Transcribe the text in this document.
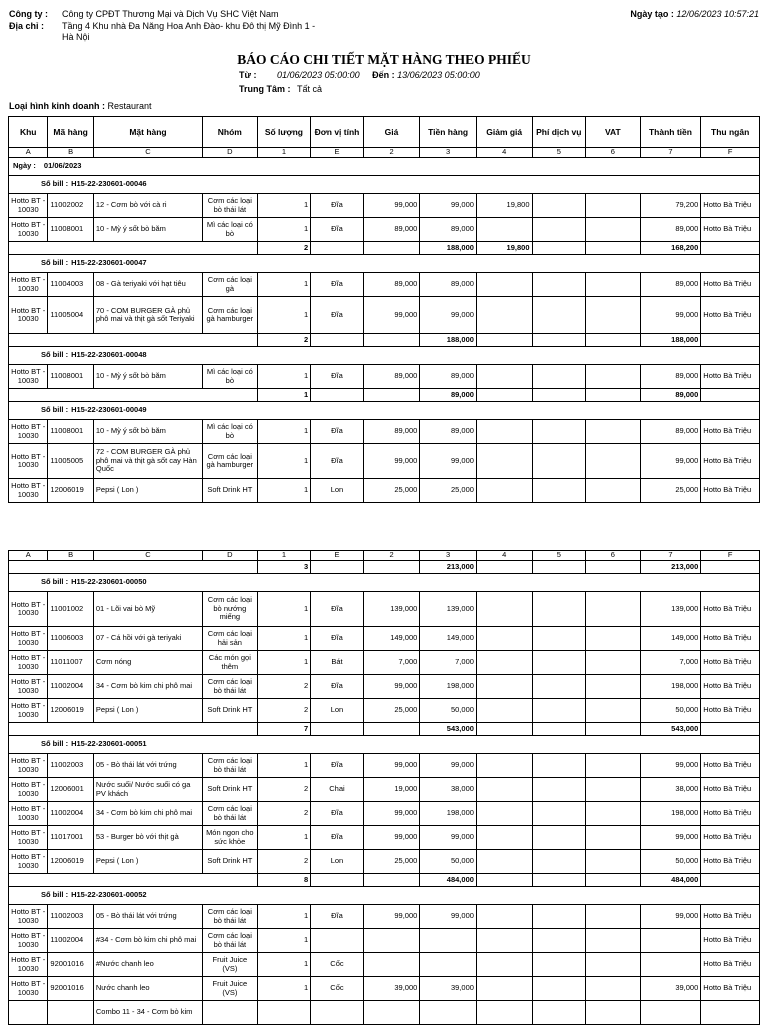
Công ty : Công ty CPĐT Thương Mại và Dịch Vụ SHC Việt Nam
Địa chỉ : Tầng 4 Khu nhà Đa Năng Hoa Anh Đào- khu Đô thị Mỹ Đình 1 -
Hà Nội
Ngày tạo : 12/06/2023 10:57:21
BÁO CÁO CHI TIẾT MẶT HÀNG THEO PHIẾU
Từ : 01/06/2023 05:00:00 Đến : 13/06/2023 05:00:00
Trung Tâm : Tất cả
Loại hình kinh doanh : Restaurant
Khu	Mã hàng	Mặt hàng	Nhóm	Số lượng	Đơn vị tính	Giá	Tiền hàng	Giảm giá	Phí dịch vụ	VAT	Thành tiền	Thu ngân
A	B	C	D	1	E	2	3	4	5	6	7	F
Ngày : 01/06/2023												
Số bill : H15-22-230601-00046												
Hotto BT - 10030	11002002	12 - Cơm bò với cà ri	Cơm các loại bò thái lát	1	Đĩa	99,000	99,000	19,800			79,200	Hotto Bà Triệu
Hotto BT - 10030	11008001	10 - Mỳ ý sốt bò băm	Mì các loại có bò	1	Đĩa	89,000	89,000				89,000	Hotto Bà Triệu
				2			188,000	19,800			168,200	
Số bill : H15-22-230601-00047												
Hotto BT - 10030	11004003	08 - Gà teriyaki với hạt tiêu	Cơm các loại gà	1	Đĩa	89,000	89,000				89,000	Hotto Bà Triệu
Hotto BT - 10030	11005004	70 - COM BURGER GÀ phủ phô mai và thịt gà sốt Teriyaki	Cơm các loại gà hamburger	1	Đĩa	99,000	99,000				99,000	Hotto Bà Triệu
				2			188,000				188,000	
Số bill : H15-22-230601-00048												
Hotto BT - 10030	11008001	10 - Mỳ ý sốt bò băm	Mì các loại có bò	1	Đĩa	89,000	89,000				89,000	Hotto Bà Triệu
				1			89,000				89,000	
Số bill : H15-22-230601-00049												
Hotto BT - 10030	11008001	10 - Mỳ ý sốt bò băm	Mì các loại có bò	1	Đĩa	89,000	89,000				89,000	Hotto Bà Triệu
Hotto BT - 10030	11005005	72 - COM BURGER GÀ phủ phô mai và thịt gà sốt cay Hàn Quốc	Cơm các loại gà hamburger	1	Đĩa	99,000	99,000				99,000	Hotto Bà Triệu
Hotto BT - 10030	12006019	Pepsi ( Lon )	Soft Drink HT	1	Lon	25,000	25,000				25,000	Hotto Bà Triệu
A	B	C	D	1	E	2	3	4	5	6	7	F
				3			213,000				213,000	
Số bill : H15-22-230601-00050												
Hotto BT - 10030	11001002	01 - Lõi vai bò Mỹ	Cơm các loại bò nướng miếng	1	Đĩa	139,000	139,000				139,000	Hotto Bà Triệu
Hotto BT - 10030	11006003	07 - Cá hồi với gà teriyaki	Cơm các loại hải sản	1	Đĩa	149,000	149,000				149,000	Hotto Bà Triệu
Hotto BT - 10030	11011007	Cơm nóng	Các món gọi thêm	1	Bát	7,000	7,000				7,000	Hotto Bà Triệu
Hotto BT - 10030	11002004	34 - Cơm bò kim chi phô mai	Cơm các loại bò thái lát	2	Đĩa	99,000	198,000				198,000	Hotto Bà Triệu
Hotto BT - 10030	12006019	Pepsi ( Lon )	Soft Drink HT	2	Lon	25,000	50,000				50,000	Hotto Bà Triệu
				7			543,000				543,000	
Số bill : H15-22-230601-00051												
Hotto BT - 10030	11002003	05 - Bò thái lát với trứng	Cơm các loại bò thái lát	1	Đĩa	99,000	99,000				99,000	Hotto Bà Triệu
Hotto BT - 10030	12006001	Nước suối/ Nước suối có ga PV khách	Soft Drink HT	2	Chai	19,000	38,000				38,000	Hotto Bà Triệu
Hotto BT - 10030	11002004	34 - Cơm bò kim chi phô mai	Cơm các loại bò thái lát	2	Đĩa	99,000	198,000				198,000	Hotto Bà Triệu
Hotto BT - 10030	11017001	53 - Burger bò với thịt gà	Món ngon cho sức khỏe	1	Đĩa	99,000	99,000				99,000	Hotto Bà Triệu
Hotto BT - 10030	12006019	Pepsi ( Lon )	Soft Drink HT	2	Lon	25,000	50,000				50,000	Hotto Bà Triệu
				8			484,000				484,000	
Số bill : H15-22-230601-00052												
Hotto BT - 10030	11002003	05 - Bò thái lát với trứng	Cơm các loại bò thái lát	1	Đĩa	99,000	99,000				99,000	Hotto Bà Triệu
Hotto BT - 10030	11002004	#34 - Cơm bò kim chi phô mai	Cơm các loại bò thái lát	1								Hotto Bà Triệu
Hotto BT - 10030	92001016	#Nước chanh leo	Fruit Juice (VS)	1	Cốc							Hotto Bà Triệu
Hotto BT - 10030	92001016	Nước chanh leo	Fruit Juice (VS)	1	Cốc	39,000	39,000				39,000	Hotto Bà Triệu
		Combo 11 - 34 - Cơm bò kim										
